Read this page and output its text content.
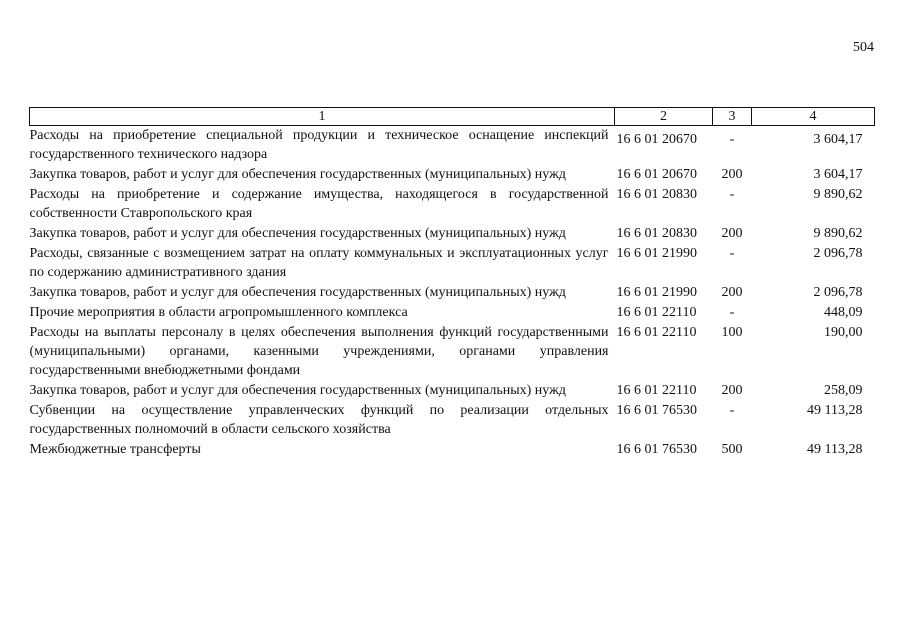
504
1	2	3	4
Расходы на приобретение специальной продукции и техническое оснащение инспекций государственного технического надзора	16 6 01 20670	-	3 604,17
Закупка товаров, работ и услуг для обеспечения государственных (муниципальных) нужд	16 6 01 20670	200	3 604,17
Расходы на приобретение и содержание имущества, находящегося в государственной собственности Ставропольского края	16 6 01 20830	-	9 890,62
Закупка товаров, работ и услуг для обеспечения государственных (муниципальных) нужд	16 6 01 20830	200	9 890,62
Расходы, связанные с возмещением затрат на оплату коммунальных и эксплуатационных услуг по содержанию административного здания	16 6 01 21990	-	2 096,78
Закупка товаров, работ и услуг для обеспечения государственных (муниципальных) нужд	16 6 01 21990	200	2 096,78
Прочие мероприятия в области агропромышленного комплекса	16 6 01 22110	-	448,09
Расходы на выплаты персоналу в целях обеспечения выполнения функций государственными (муниципальными) органами, казенными учреждениями, органами управления государственными внебюджетными фондами	16 6 01 22110	100	190,00
Закупка товаров, работ и услуг для обеспечения государственных (муниципальных) нужд	16 6 01 22110	200	258,09
Субвенции на осуществление управленческих функций по реализации отдельных государственных полномочий в области сельского хозяйства	16 6 01 76530	-	49 113,28
Межбюджетные трансферты	16 6 01 76530	500	49 113,28
